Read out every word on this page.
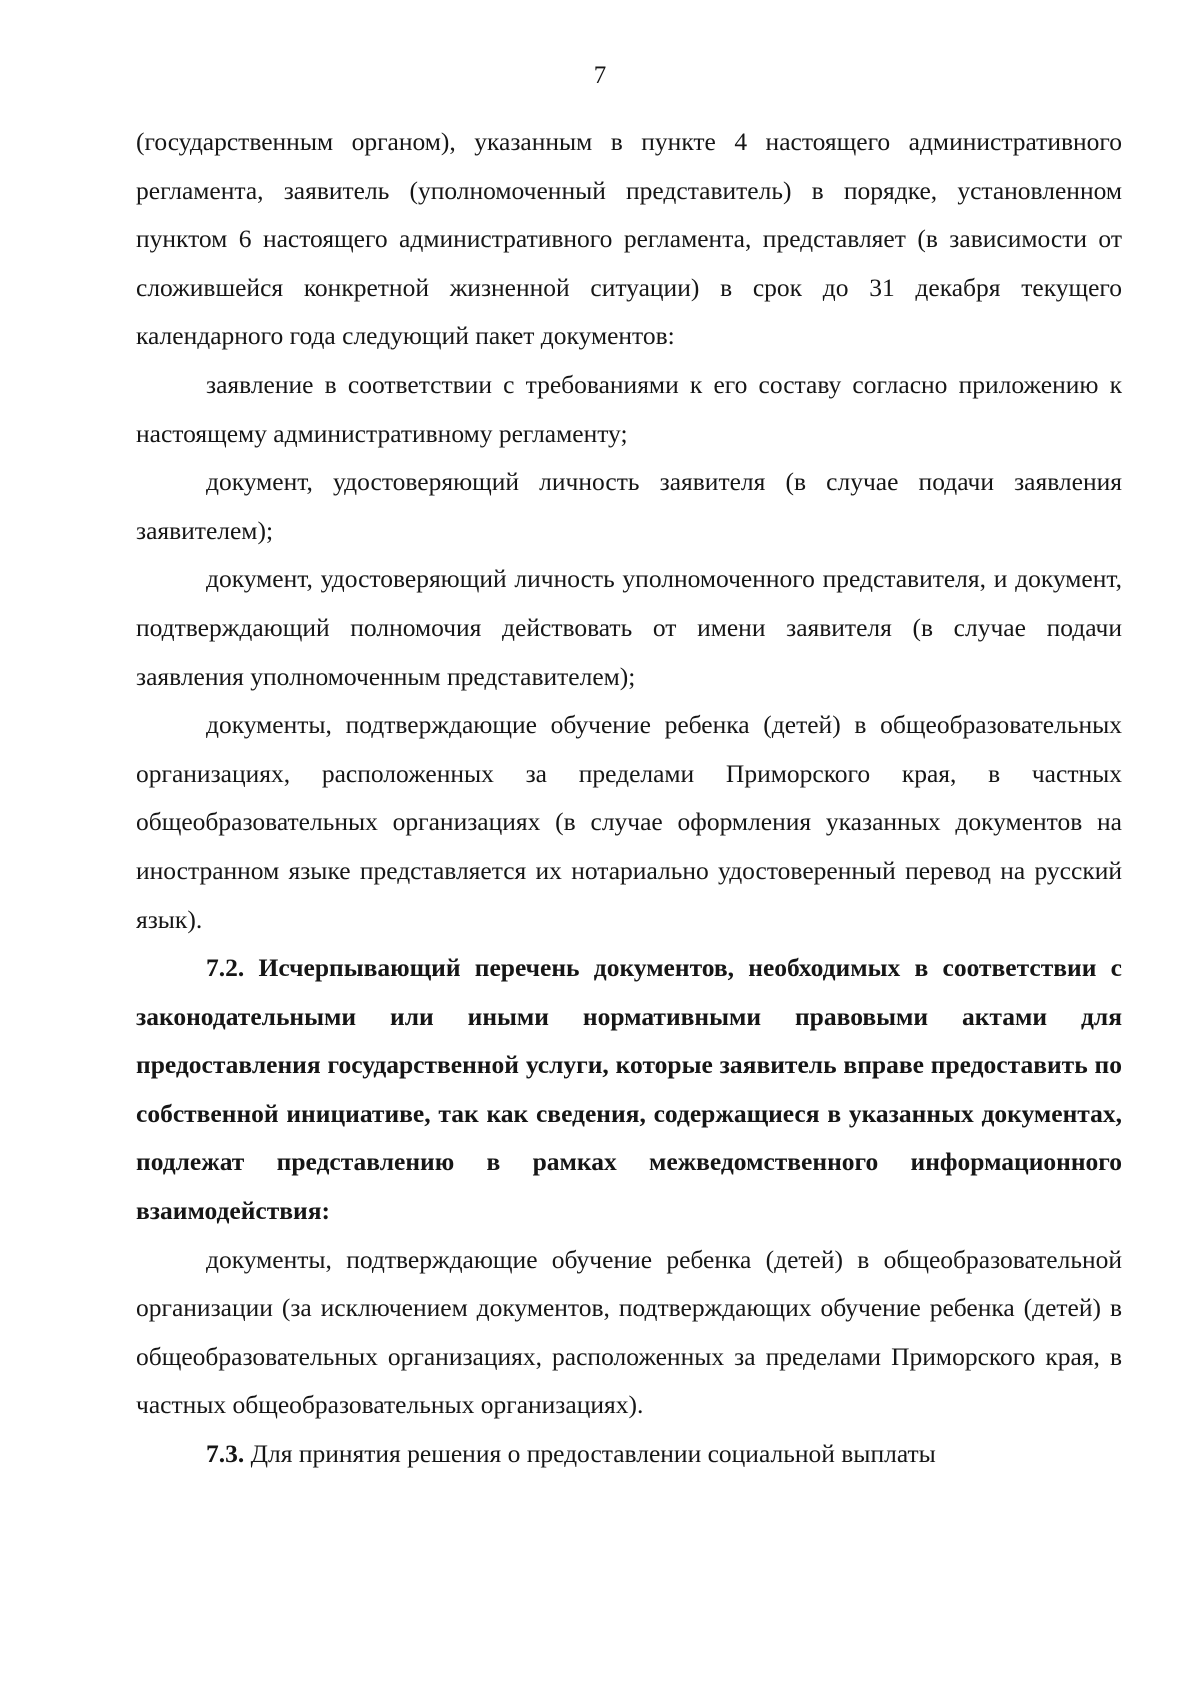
7

(государственным органом), указанным в пункте 4 настоящего административного регламента, заявитель (уполномоченный представитель) в порядке, установленном пунктом 6 настоящего административного регламента, представляет (в зависимости от сложившейся конкретной жизненной ситуации) в срок до 31 декабря текущего календарного года следующий пакет документов:

заявление в соответствии с требованиями к его составу согласно приложению к настоящему административному регламенту;

документ, удостоверяющий личность заявителя (в случае подачи заявления заявителем);

документ, удостоверяющий личность уполномоченного представителя, и документ, подтверждающий полномочия действовать от имени заявителя (в случае подачи заявления уполномоченным представителем);

документы, подтверждающие обучение ребенка (детей) в общеобразовательных организациях, расположенных за пределами Приморского края, в частных общеобразовательных организациях (в случае оформления указанных документов на иностранном языке представляется их нотариально удостоверенный перевод на русский язык).

7.2. Исчерпывающий перечень документов, необходимых в соответствии с законодательными или иными нормативными правовыми актами для предоставления государственной услуги, которые заявитель вправе предоставить по собственной инициативе, так как сведения, содержащиеся в указанных документах, подлежат представлению в рамках межведомственного информационного взаимодействия:

документы, подтверждающие обучение ребенка (детей) в общеобразовательной организации (за исключением документов, подтверждающих обучение ребенка (детей) в общеобразовательных организациях, расположенных за пределами Приморского края, в частных общеобразовательных организациях).

7.3. Для принятия решения о предоставлении социальной выплаты
